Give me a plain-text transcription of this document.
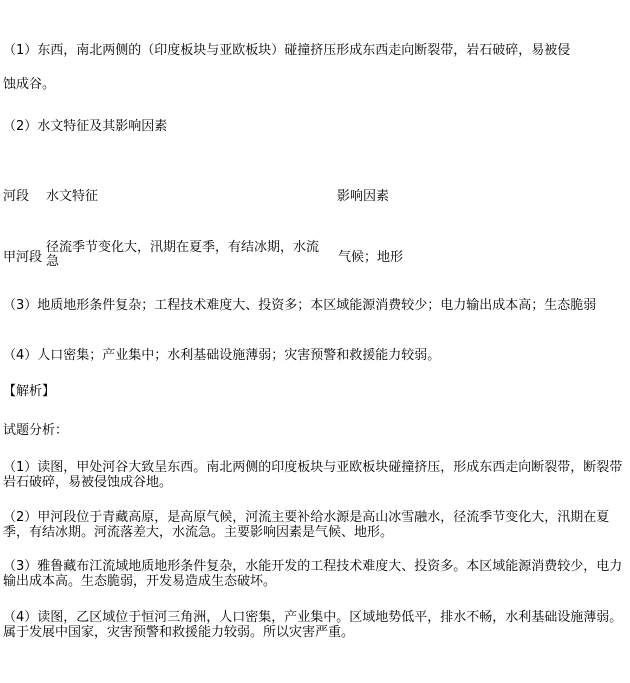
（1）东西，南北两侧的（印度板块与亚欧板块）碰撞挤压形成东西走向断裂带，岩石破碎，易被侵
蚀成谷。
（2）水文特征及其影响因素
河段 水文特征	影响因素
甲河段
径流季节变化大，汛期在夏季，有结冰期，水流急	气候；地形
（3）地质地形条件复杂；工程技术难度大、投资多；本区域能源消费较少；电力输出成本高；生态脆弱
（4）人口密集；产业集中；水利基础设施薄弱；灾害预警和救援能力较弱。
【解析】
试题分析：
（1）读图，甲处河谷大致呈东西。南北两侧的印度板块与亚欧板块碰撞挤压，形成东西走向断裂带，断裂带岩石破碎，易被侵蚀成谷地。
（2）甲河段位于青藏高原，是高原气候，河流主要补给水源是高山冰雪融水，径流季节变化大，汛期在夏季，有结冰期。河流落差大，水流急。主要影响因素是气候、地形。
（3）雅鲁藏布江流域地质地形条件复杂，水能开发的工程技术难度大、投资多。本区域能源消费较少，电力输出成本高。生态脆弱，开发易造成生态破坏。
（4）读图，乙区域位于恒河三角洲，人口密集，产业集中。区域地势低平，排水不畅，水利基础设施薄弱。属于发展中国家，灾害预警和救援能力较弱。所以灾害严重。
